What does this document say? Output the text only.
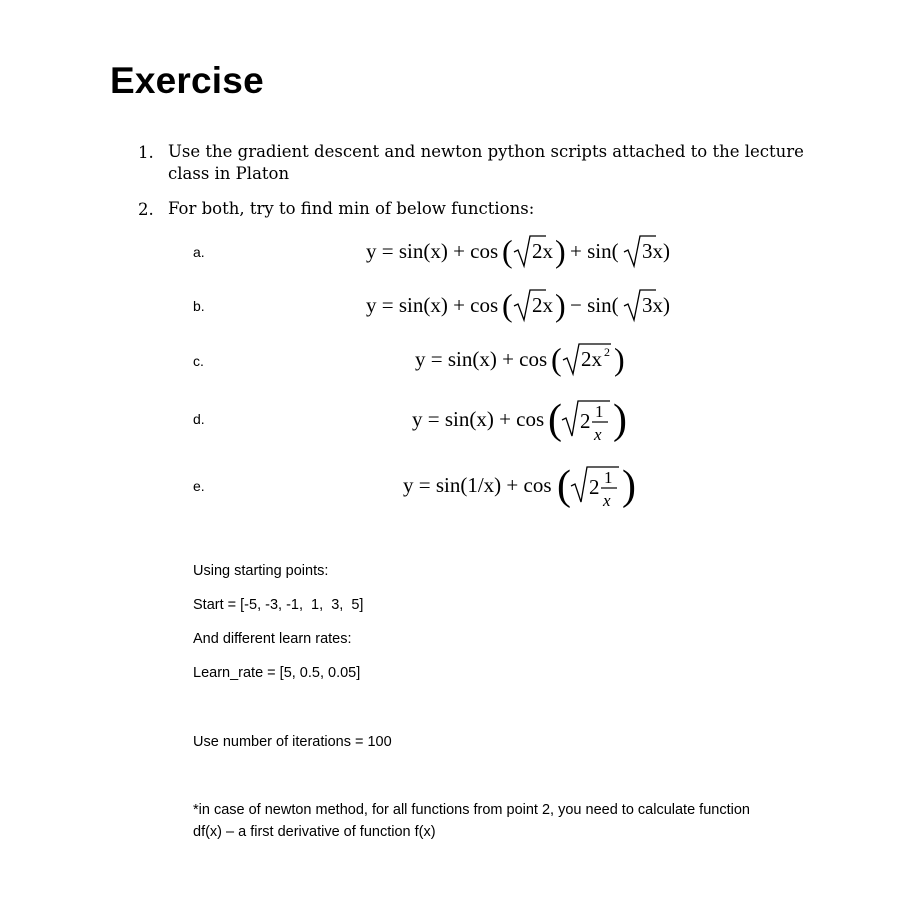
Exercise
1. Use the gradient descent and newton python scripts attached to the lecture class in Platon
2. For both, try to find min of below functions:
a.
b.
c.
d.
e.
y = sin(x) + cos ( 2x ) + sin( 3x)
y = sin(x) + cos ( 2x ) − sin( 3x)
y = sin(x) + cos ( 2x 2 )
y = sin(x) + cos ( 2 1
x )
y = sin(1/x) + cos ( 2 1
x )
Using starting points:
Start = [-5, -3, -1,  1,  3,  5]
And different learn rates:
Learn_rate = [5, 0.5, 0.05]
Use number of iterations = 100
*in case of newton method, for all functions from point 2, you need to calculate function
df(x) – a first derivative of function f(x)
